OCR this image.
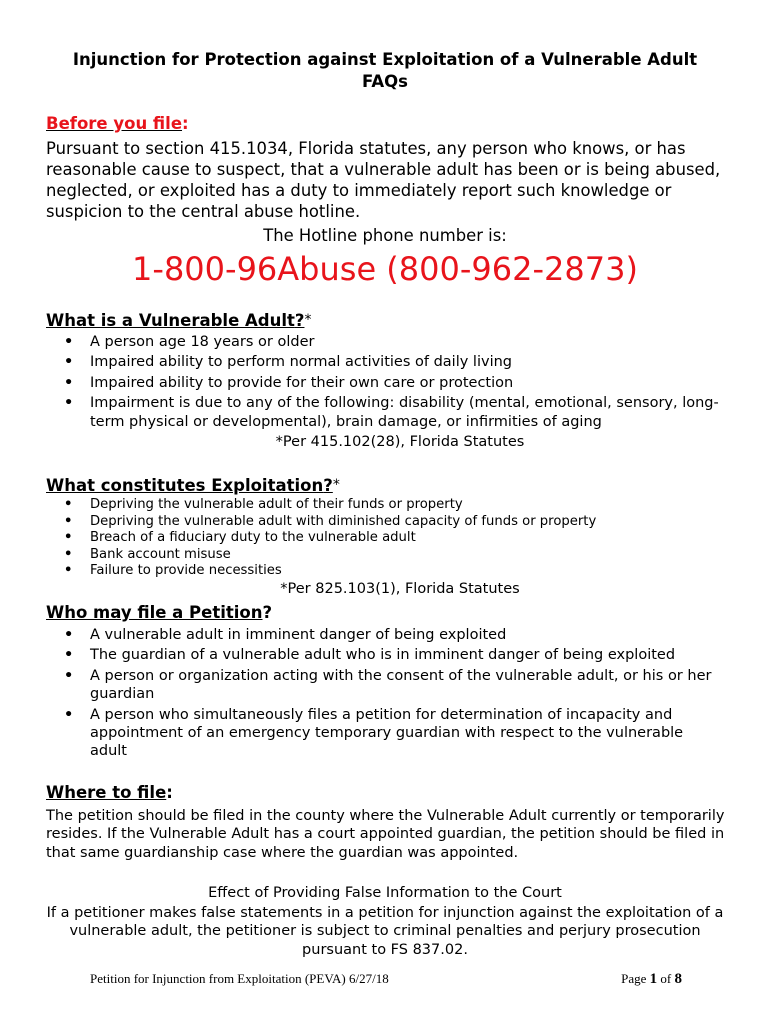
Injunction for Protection against Exploitation of a Vulnerable Adult
FAQs
Before you file:
Pursuant to section 415.1034, Florida statutes, any person who knows, or has reasonable cause to suspect, that a vulnerable adult has been or is being abused, neglected, or exploited has a duty to immediately report such knowledge or suspicion to the central abuse hotline.
The Hotline phone number is:
1-800-96Abuse (800-962-2873)
What is a Vulnerable Adult?*
• A person age 18 years or older
• Impaired ability to perform normal activities of daily living
• Impaired ability to provide for their own care or protection
• Impairment is due to any of the following: disability (mental, emotional, sensory, long-term physical or developmental), brain damage, or infirmities of aging
*Per 415.102(28), Florida Statutes
What constitutes Exploitation?*
• Depriving the vulnerable adult of their funds or property
• Depriving the vulnerable adult with diminished capacity of funds or property
• Breach of a fiduciary duty to the vulnerable adult
• Bank account misuse
• Failure to provide necessities
*Per 825.103(1), Florida Statutes
Who may file a Petition?
• A vulnerable adult in imminent danger of being exploited
• The guardian of a vulnerable adult who is in imminent danger of being exploited
• A person or organization acting with the consent of the vulnerable adult, or his or her guardian
• A person who simultaneously files a petition for determination of incapacity and appointment of an emergency temporary guardian with respect to the vulnerable adult
Where to file:
The petition should be filed in the county where the Vulnerable Adult currently or temporarily resides. If the Vulnerable Adult has a court appointed guardian, the petition should be filed in that same guardianship case where the guardian was appointed.
Effect of Providing False Information to the Court
If a petitioner makes false statements in a petition for injunction against the exploitation of a vulnerable adult, the petitioner is subject to criminal penalties and perjury prosecution pursuant to FS 837.02.
Petition for Injunction from Exploitation (PEVA) 6/27/18	Page 1 of 8
